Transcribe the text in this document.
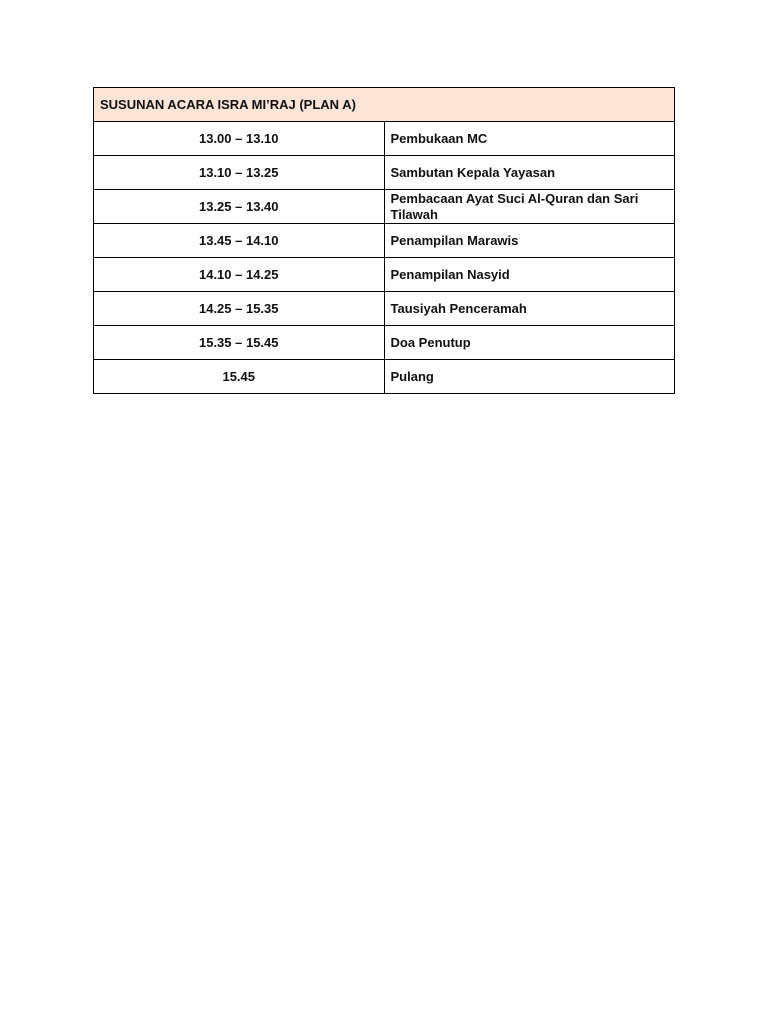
SUSUNAN ACARA ISRA MI’RAJ (PLAN A)	
13.00 – 13.10	Pembukaan MC
13.10 – 13.25	Sambutan Kepala Yayasan
13.25 – 13.40	Pembacaan Ayat Suci Al-Quran dan Sari Tilawah
13.45 – 14.10	Penampilan Marawis
14.10 – 14.25	Penampilan Nasyid
14.25 – 15.35	Tausiyah Penceramah
15.35 – 15.45	Doa Penutup
15.45	Pulang
